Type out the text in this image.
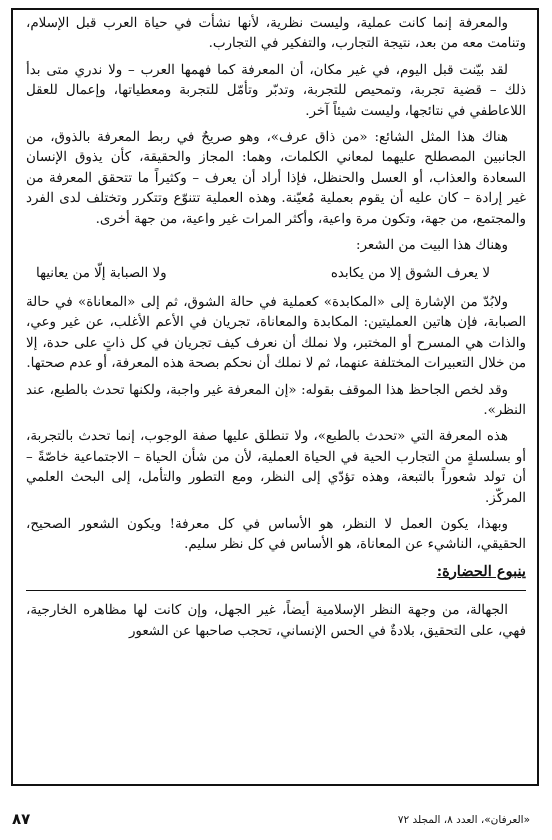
والمعرفة إنما كانت عملية، وليست نظرية، لأنها نشأت في حياة العرب قبل الإسلام، وتنامت معه من بعد، نتيجة التجارب، والتفكير في التجارب.

لقد بيّنت قبل اليوم، في غير مكان، أن المعرفة كما فهمها العرب – ولا ندري متى بدأ ذلك – قضية تجربة، وتمحيص للتجربة، وتدبّر وتأمّل للتجربة ومعطياتها، وإعمال للعقل اللاعاطفي في نتائجها، وليست شيئاً آخر.

هناك هذا المثل الشائع: «من ذاق عرف»، وهو صريحٌ في ربط المعرفة بالذوق، من الجانبين المصطلح عليهما لمعاني الكلمات، وهما: المجاز والحقيقة، كأن يذوق الإنسان السعادة والعذاب، أو العسل والحنظل، فإذا أراد أن يعرف – وكثيراً ما تتحقق المعرفة من غير إرادة – كان عليه أن يقوم بعملية مُعيّنة. وهذه العملية تتنوّع وتتكرر وتختلف لدى الفرد والمجتمع، من جهة، وتكون مرة واعية، وأكثر المرات غير واعية، من جهة أخرى.

وهناك هذا البيت من الشعر:

لا يعرف الشوق إلا من يكابده
ولا الصبابة إلّا من يعانيها

ولابُدّ من الإشارة إلى «المكابدة» كعملية في حالة الشوق، ثم إلى «المعاناة» في حالة الصبابة، فإن هاتين العمليتين: المكابدة والمعاناة، تجريان في الأعم الأغلب، عن غير وعي، والذات هي المسرح أو المختبر، ولا نملك أن نعرف كيف تجريان في كل ذاتٍ على حدة، إلا من خلال التعبيرات المختلفة عنهما، ثم لا نملك أن نحكم بصحة هذه المعرفة، أو عدم صحتها.

وقد لخص الجاحظ هذا الموقف بقوله: «إن المعرفة غير واجبة، ولكنها تحدث بالطبع، عند النظر».

هذه المعرفة التي «تحدث بالطبع»، ولا تنطلق عليها صفة الوجوب، إنما تحدث بالتجربة، أو بسلسلةٍ من التجارب الحية في الحياة العملية، لأن من شأن الحياة – الاجتماعية خاصّةً – أن تولد شعوراً بالتبعة، وهذه تؤدّي إلى النظر، ومع التطور والتأمل، إلى البحث العلمي المركّز.

وبهذا، يكون العمل لا النظر، هو الأساس في كل معرفة! ويكون الشعور الصحيح، الحقيقي، الناشيء عن المعاناة، هو الأساس في كل نظر سليم.

ينبوع الحضارة:

الجهالة، من وجهة النظر الإسلامية أيضاً، غير الجهل، وإن كانت لها مظاهره الخارجية، فهي، على التحقيق، بلادةٌ في الحس الإنساني، تحجب صاحبها عن الشعور

٨٧	«العرفان»، العدد ٨، المجلد ٧٢
